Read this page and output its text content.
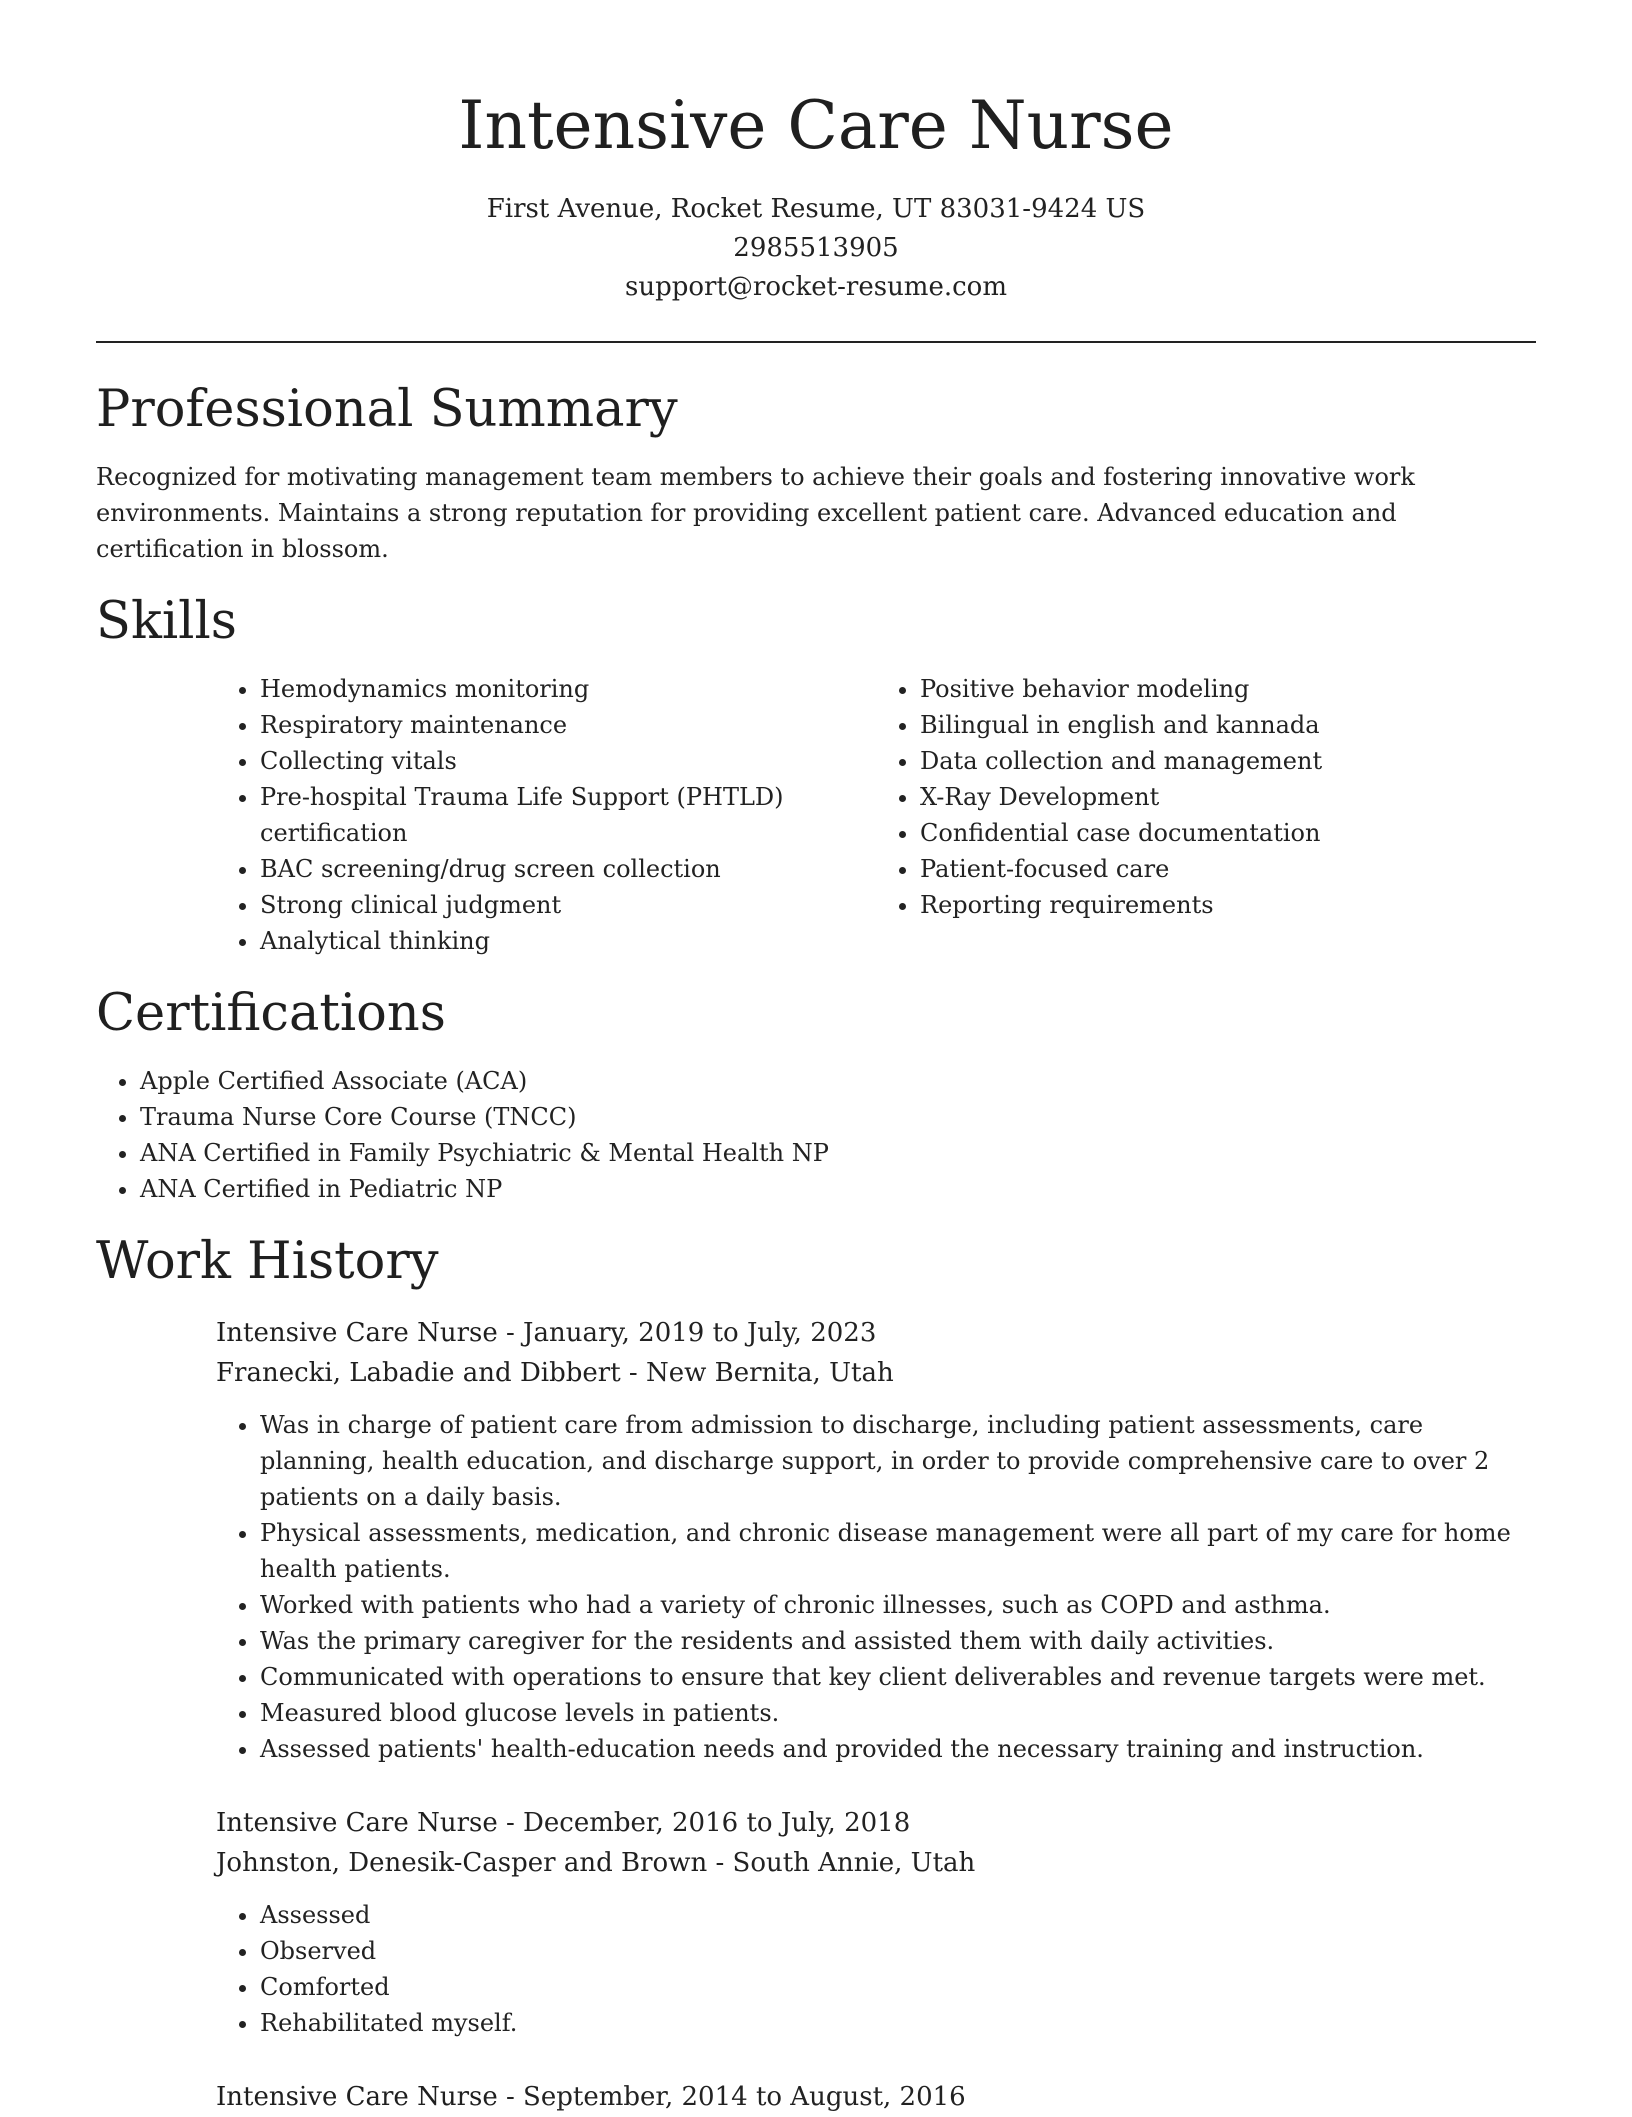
Intensive Care Nurse

First Avenue, Rocket Resume, UT 83031-9424 US

2985513905

support@rocket-resume.com

Professional Summary

Recognized for motivating management team members to achieve their goals and fostering innovative work environments. Maintains a strong reputation for providing excellent patient care. Advanced education and certification in blossom.

Skills
• Hemodynamics monitoring
• Respiratory maintenance
• Collecting vitals
• Pre-hospital Trauma Life Support (PHTLD) certification
• BAC screening/drug screen collection
• Strong clinical judgment
• Analytical thinking
• Positive behavior modeling
• Bilingual in english and kannada
• Data collection and management
• X-Ray Development
• Confidential case documentation
• Patient-focused care
• Reporting requirements
Certifications
• Apple Certified Associate (ACA)
• Trauma Nurse Core Course (TNCC)
• ANA Certified in Family Psychiatric & Mental Health NP
• ANA Certified in Pediatric NP
Work History

Intensive Care Nurse - January, 2019 to July, 2023

Franecki, Labadie and Dibbert - New Bernita, Utah

• Was in charge of patient care from admission to discharge, including patient assessments, care planning, health education, and discharge support, in order to provide comprehensive care to over 2 patients on a daily basis.
• Physical assessments, medication, and chronic disease management were all part of my care for home health patients.
• Worked with patients who had a variety of chronic illnesses, such as COPD and asthma.
• Was the primary caregiver for the residents and assisted them with daily activities.
• Communicated with operations to ensure that key client deliverables and revenue targets were met.
• Measured blood glucose levels in patients.
• Assessed patients' health-education needs and provided the necessary training and instruction.

Intensive Care Nurse - December, 2016 to July, 2018

Johnston, Denesik-Casper and Brown - South Annie, Utah

• Assessed
• Observed
• Comforted
• Rehabilitated myself.

Intensive Care Nurse - September, 2014 to August, 2016
